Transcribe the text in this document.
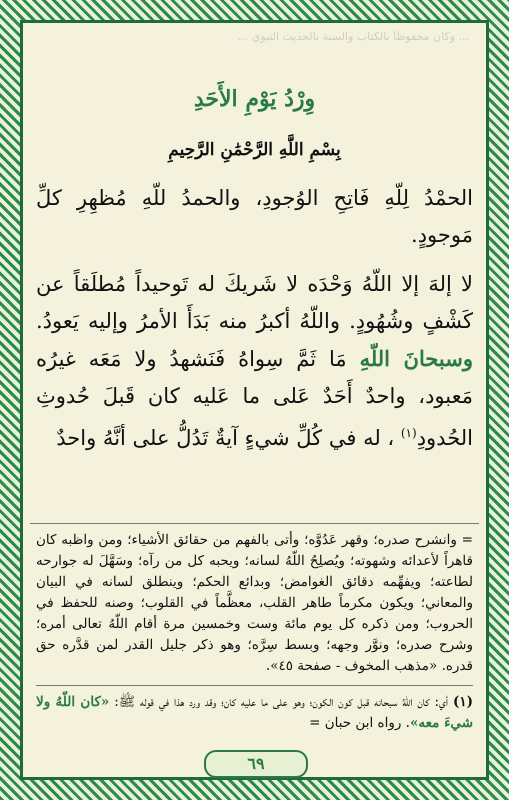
... وكان محفوظاً بالكتاب والسنة بالحديث النبوي ...
وِرْدُ يَوْمِ الأَحَدِ
بِسْمِ اللَّهِ الرَّحْمَٰنِ الرَّحِيمِ

الحمْدُ لِلّهِ فَاتِحِ الوُجودِ، والحمدُ للّهِ مُظهِرِ كلِّ مَوجودٍ.

لا إلهَ إلا اللّهُ وَحْدَه لا شَريكَ له تَوحيداً مُطلَقاً عن كَشْفٍ وشُهُودٍ. واللّهُ أكبرُ منه بَدَأَ الأمرُ وإليه يَعودُ. وسبحانَ اللّهِ مَا ثَمَّ سِواهُ فَنَشهدُ ولا مَعَه غيرُه مَعبود، واحدٌ أَحَدٌ عَلى ما عَليه كان قَبلَ حُدوثِ الحُدودِ$^{(١)}$ ، له في كُلِّ شيءٍ آيةٌ تَدُلُّ على أنَّهُ واحدٌ

= وانشرح صدره؛ وقهر عَدُوَّه؛ وأتى بالفهم من حقائق الأشياء؛ ومن واظبه كان قاهراً لأعدائه وشهوته؛ ويُصلِحُ اللّهُ لسانه؛ ويحبه كل من رآه؛ وسَهَّلَ له جوارحه لطاعته؛ ويفهِّمه دقائق الغوامض؛ وبدائع الحكم؛ وينطلق لسانه في البيان والمعاني؛ ويكون مكرماً طاهر القلب، معظَّماً في القلوب؛ وصنه للحفظ في الحروب؛ ومن ذكره كل يوم مائة وست وخمسين مرة أقام اللّهُ تعالى أمره؛ وشرح صدره؛ ونوَّر وجهه؛ وبسط سِرَّه؛ وهو ذكر جليل القدر لمن قدَّره حق قدره. «مذهب المخوف - صفحة ٤٥».

(١) أي: كان اللّهُ سبحانه قبل كون الكون؛ وهو على ما عليه كان؛ وقد ورد هذا في قوله ﷺ: «كان اللّهُ ولا شيءَ معه». رواه ابن حبان =

٦٩
